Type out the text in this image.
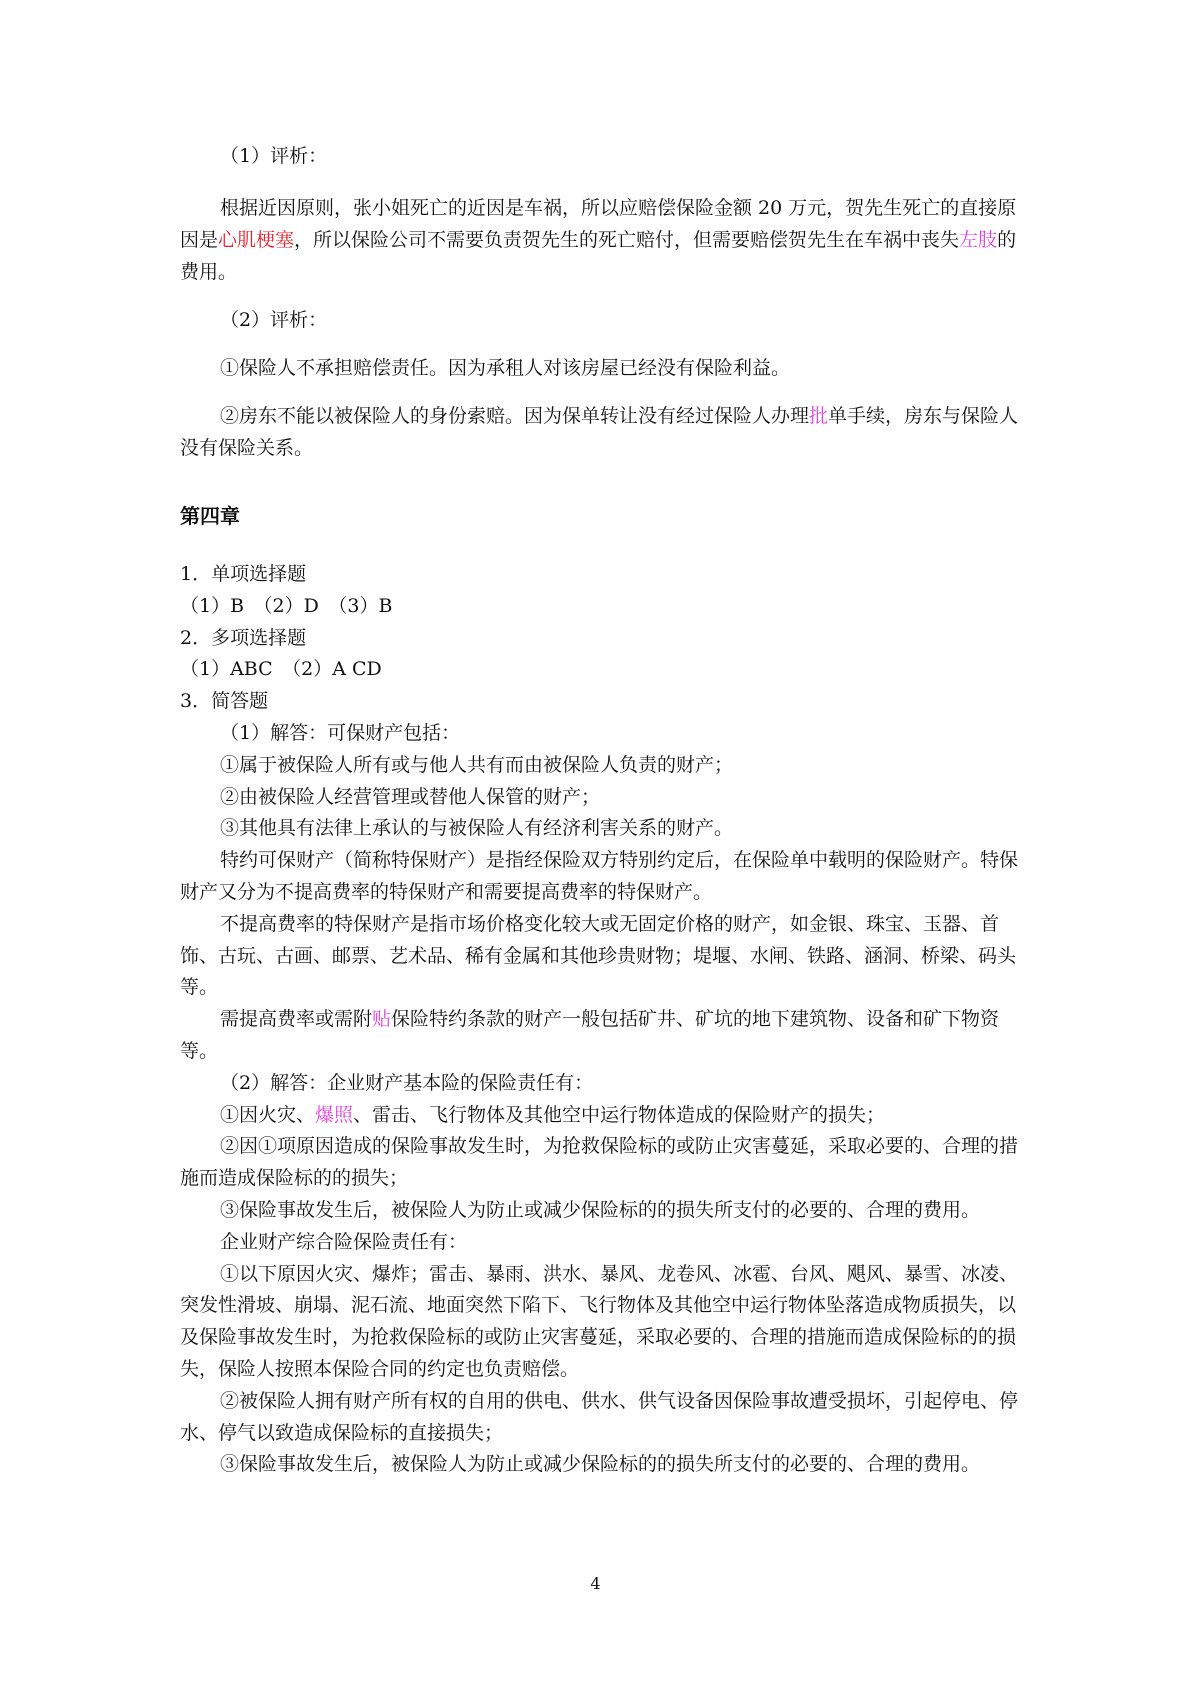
（1）评析：

根据近因原则，张小姐死亡的近因是车祸，所以应赔偿保险金额 20 万元，贺先生死亡的直接原因是心肌梗塞，所以保险公司不需要负责贺先生的死亡赔付，但需要赔偿贺先生在车祸中丧失左肢的费用。

（2）评析：

①保险人不承担赔偿责任。因为承租人对该房屋已经没有保险利益。

②房东不能以被保险人的身份索赔。因为保单转让没有经过保险人办理批单手续，房东与保险人没有保险关系。

第四章

1．单项选择题

（1）B　（2）D　（3）B

2．多项选择题

（1）ABC　（2）A CD

3．简答题

（1）解答：可保财产包括：

①属于被保险人所有或与他人共有而由被保险人负责的财产；

②由被保险人经营管理或替他人保管的财产；

③其他具有法律上承认的与被保险人有经济利害关系的财产。

特约可保财产（简称特保财产）是指经保险双方特别约定后，在保险单中载明的保险财产。特保财产又分为不提高费率的特保财产和需要提高费率的特保财产。

不提高费率的特保财产是指市场价格变化较大或无固定价格的财产，如金银、珠宝、玉器、首饰、古玩、古画、邮票、艺术品、稀有金属和其他珍贵财物；堤堰、水闸、铁路、涵洞、桥梁、码头等。

需提高费率或需附贴保险特约条款的财产一般包括矿井、矿坑的地下建筑物、设备和矿下物资等。

（2）解答：企业财产基本险的保险责任有：

①因火灾、爆照、雷击、飞行物体及其他空中运行物体造成的保险财产的损失；

②因①项原因造成的保险事故发生时，为抢救保险标的或防止灾害蔓延，采取必要的、合理的措施而造成保险标的的损失；

③保险事故发生后，被保险人为防止或减少保险标的的损失所支付的必要的、合理的费用。

企业财产综合险保险责任有：

①以下原因火灾、爆炸；雷击、暴雨、洪水、暴风、龙卷风、冰雹、台风、飓风、暴雪、冰凌、突发性滑坡、崩塌、泥石流、地面突然下陷下、飞行物体及其他空中运行物体坠落造成物质损失，以及保险事故发生时，为抢救保险标的或防止灾害蔓延，采取必要的、合理的措施而造成保险标的的损失，保险人按照本保险合同的约定也负责赔偿。

②被保险人拥有财产所有权的自用的供电、供水、供气设备因保险事故遭受损坏，引起停电、停水、停气以致造成保险标的直接损失；

③保险事故发生后，被保险人为防止或减少保险标的的损失所支付的必要的、合理的费用。

4
